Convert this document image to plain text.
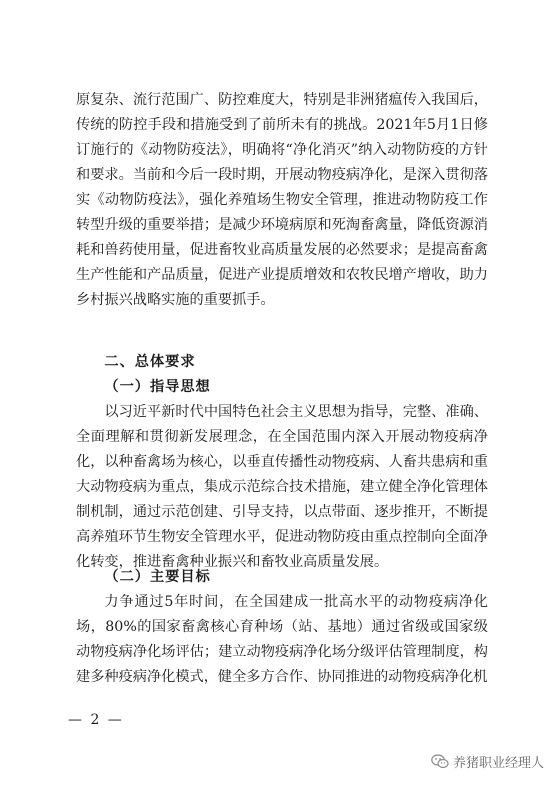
原复杂、流行范围广、防控难度大，特别是非洲猪瘟传入我国后，传统的防控手段和措施受到了前所未有的挑战。2021年5月1日修订施行的《动物防疫法》，明确将“净化消灭”纳入动物防疫的方针和要求。当前和今后一段时期，开展动物疫病净化，是深入贯彻落实《动物防疫法》，强化养殖场生物安全管理，推进动物防疫工作转型升级的重要举措；是减少环境病原和死淘畜禽量，降低资源消耗和兽药使用量，促进畜牧业高质量发展的必然要求；是提高畜禽生产性能和产品质量，促进产业提质增效和农牧民增产增收，助力乡村振兴战略实施的重要抓手。

二、总体要求

（一）指导思想

以习近平新时代中国特色社会主义思想为指导，完整、准确、全面理解和贯彻新发展理念，在全国范围内深入开展动物疫病净化，以种畜禽场为核心，以垂直传播性动物疫病、人畜共患病和重大动物疫病为重点，集成示范综合技术措施，建立健全净化管理体制机制，通过示范创建、引导支持，以点带面、逐步推开，不断提高养殖环节生物安全管理水平，促进动物防疫由重点控制向全面净化转变，推进畜禽种业振兴和畜牧业高质量发展。

（二）主要目标

力争通过5年时间，在全国建成一批高水平的动物疫病净化场，80%的国家畜禽核心育种场（站、基地）通过省级或国家级动物疫病净化场评估；建立动物疫病净化场分级评估管理制度，构建多种疫病净化模式，健全多方合作、协同推进的动物疫病净化机

— 2 —
养猪职业经理人
